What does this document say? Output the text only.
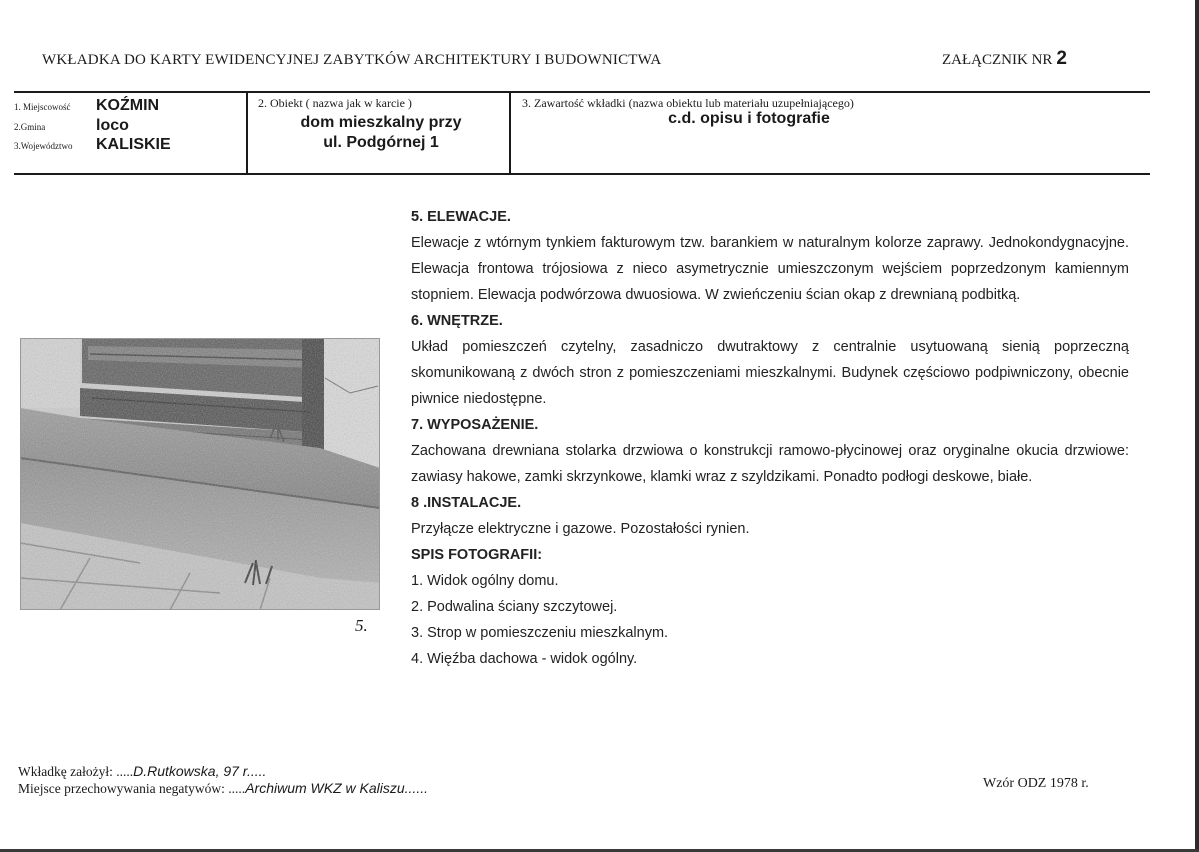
WKŁADKA DO KARTY EWIDENCYJNEJ ZABYTKÓW ARCHITEKTURY I BUDOWNICTWA	ZAŁĄCZNIK NR 2
1. Miejscowość KOŹMIN
2.Gmina	loco
3.Województwo KALISKIE
2. Obiekt ( nazwa jak w karcie )
dom mieszkalny przy
ul. Podgórnej 1
3. Zawartość wkładki (nazwa obiektu lub materiału uzupełniającego)
c.d. opisu i fotografie
5.
5. ELEWACJE.

Elewacje z wtórnym tynkiem fakturowym tzw. barankiem w naturalnym kolorze zaprawy. Jednokondygnacyjne. Elewacja frontowa trójosiowa z nieco asymetrycznie umieszczonym wejściem poprzedzonym kamiennym stopniem. Elewacja podwórzowa dwuosiowa. W zwieńczeniu ścian okap z drewnianą podbitką.

6. WNĘTRZE.

Układ pomieszczeń czytelny, zasadniczo dwutraktowy z centralnie usytuowaną sienią poprzeczną skomunikowaną z dwóch stron z pomieszczeniami mieszkalnymi. Budynek częściowo podpiwniczony, obecnie piwnice niedostępne.

7. WYPOSAŻENIE.

Zachowana drewniana stolarka drzwiowa o konstrukcji ramowo-płycinowej oraz oryginalne okucia drzwiowe: zawiasy hakowe, zamki skrzynkowe, klamki wraz z szyldzikami. Ponadto podłogi deskowe, białe.

8 .INSTALACJE.

Przyłącze elektryczne i gazowe. Pozostałości rynien.

SPIS FOTOGRAFII:
1. Widok ogólny domu.
2. Podwalina ściany szczytowej.
3. Strop w pomieszczeniu mieszkalnym.
4. Więźba dachowa - widok ogólny.
Wkładkę założył: .....D.Rutkowska, 97 r.....
Miejsce przechowywania negatywów: .....Archiwum WKZ w Kaliszu......	Wzór ODZ 1978 r.
